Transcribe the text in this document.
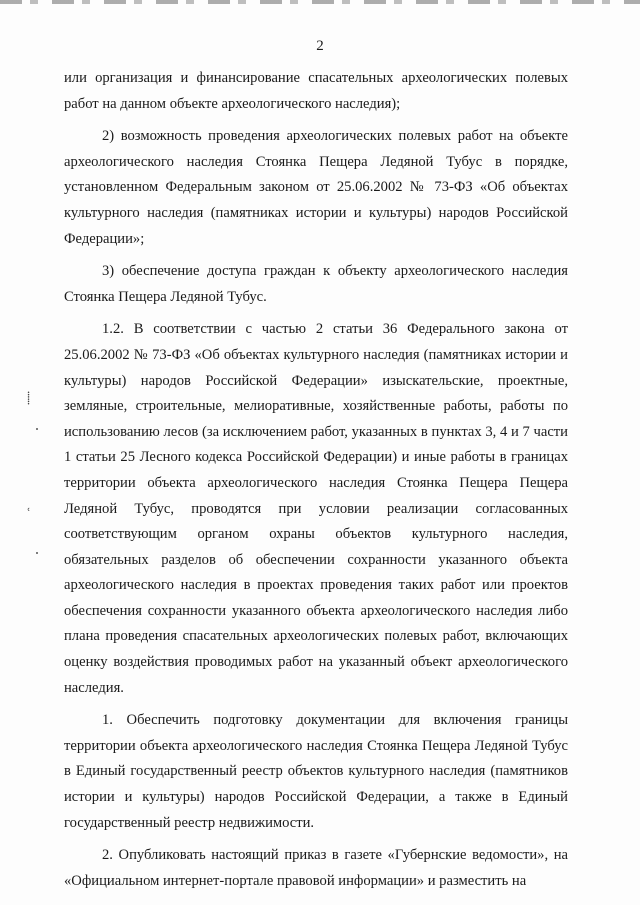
2

или организация и финансирование спасательных археологических полевых работ на данном объекте археологического наследия);

2) возможность проведения археологических полевых работ на объекте археологического наследия Стоянка Пещера Ледяной Тубус в порядке, установленном Федеральным законом от 25.06.2002 № 73-ФЗ «Об объектах культурного наследия (памятниках истории и культуры) народов Российской Федерации»;

3) обеспечение доступа граждан к объекту археологического наследия Стоянка Пещера Ледяной Тубус.

1.2. В соответствии с частью 2 статьи 36 Федерального закона от 25.06.2002 № 73-ФЗ «Об объектах культурного наследия (памятниках истории и культуры) народов Российской Федерации» изыскательские, проектные, земляные, строительные, мелиоративные, хозяйственные работы, работы по использованию лесов (за исключением работ, указанных в пунктах 3, 4 и 7 части 1 статьи 25 Лесного кодекса Российской Федерации) и иные работы в границах территории объекта археологического наследия Стоянка Пещера Пещера Ледяной Тубус, проводятся при условии реализации согласованных соответствующим органом охраны объектов культурного наследия, обязательных разделов об обеспечении сохранности указанного объекта археологического наследия в проектах проведения таких работ или проектов обеспечения сохранности указанного объекта археологического наследия либо плана проведения спасательных археологических полевых работ, включающих оценку воздействия проводимых работ на указанный объект археологического наследия.

1. Обеспечить подготовку документации для включения границы территории объекта археологического наследия Стоянка Пещера Ледяной Тубус в Единый государственный реестр объектов культурного наследия (памятников истории и культуры) народов Российской Федерации, а также в Единый государственный реестр недвижимости.

2. Опубликовать настоящий приказ в газете «Губернские ведомости», на «Официальном интернет-портале правовой информации» и разместить на

⸽
ʿ
